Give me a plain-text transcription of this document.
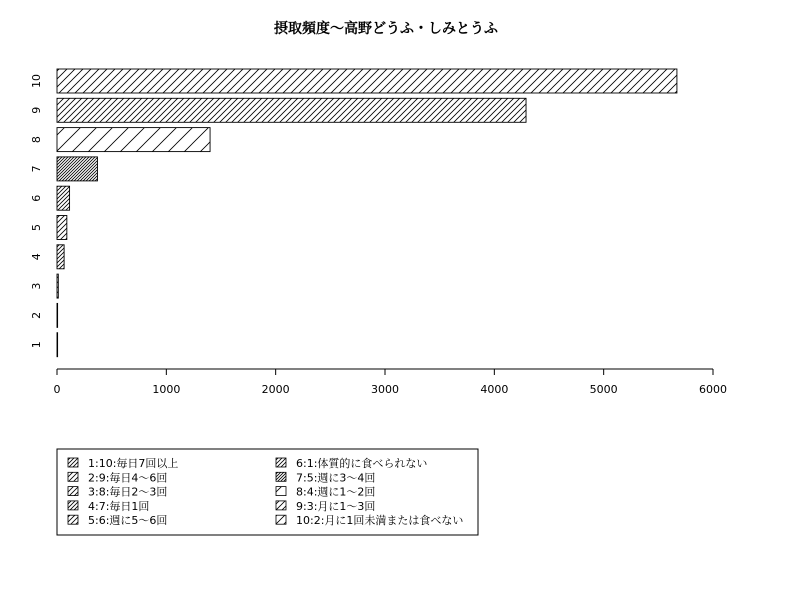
摂取頻度〜高野どうふ・しみとうふ
1
2
3
4
5
6
7
8
9
10
0	1000	2000	3000	4000	5000	6000
1:10:毎日7回以上
2:9:毎日4〜6回
3:8:毎日2〜3回
4:7:毎日1回
5:6:週に5〜6回
6:1:体質的に食べられない
7:5:週に3〜4回
8:4:週に1〜2回
9:3:月に1〜3回
10:2:月に1回未満または食べない
